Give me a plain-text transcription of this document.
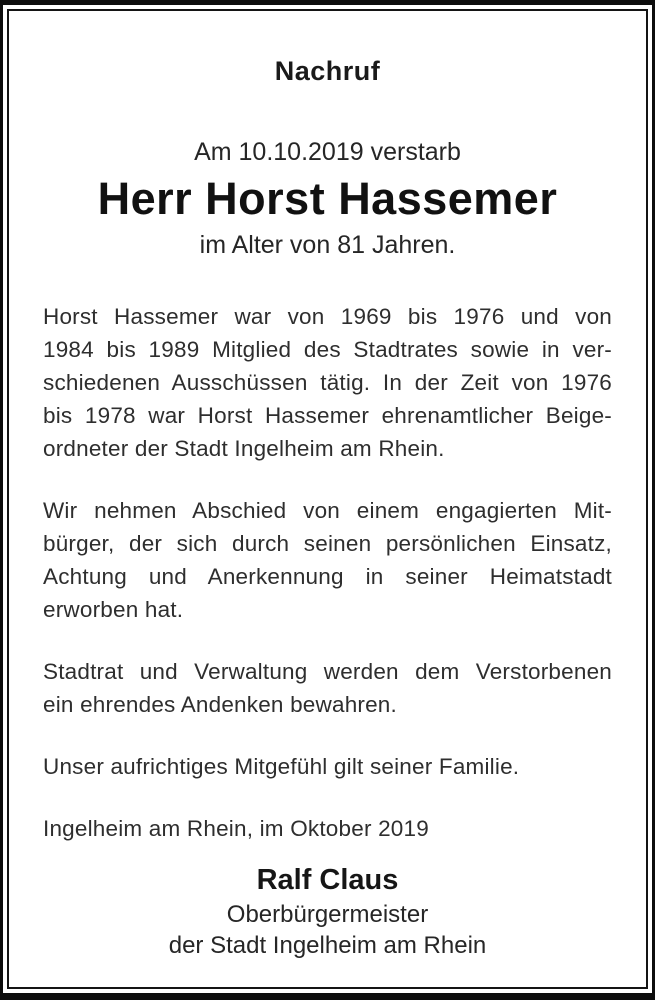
Nachruf
Am 10.10.2019 verstarb
Herr Horst Hassemer
im Alter von 81 Jahren.
Horst Hassemer war von 1969 bis 1976 und von
1984 bis 1989 Mitglied des Stadtrates sowie in ver-
schiedenen Ausschüssen tätig. In der Zeit von 1976
bis 1978 war Horst Hassemer ehrenamtlicher Beige-
ordneter der Stadt Ingelheim am Rhein.
Wir nehmen Abschied von einem engagierten Mit-
bürger, der sich durch seinen persönlichen Einsatz,
Achtung und Anerkennung in seiner Heimatstadt
erworben hat.
Stadtrat und Verwaltung werden dem Verstorbenen
ein ehrendes Andenken bewahren.
Unser aufrichtiges Mitgefühl gilt seiner Familie.
Ingelheim am Rhein, im Oktober 2019
Ralf Claus
Oberbürgermeister
der Stadt Ingelheim am Rhein
